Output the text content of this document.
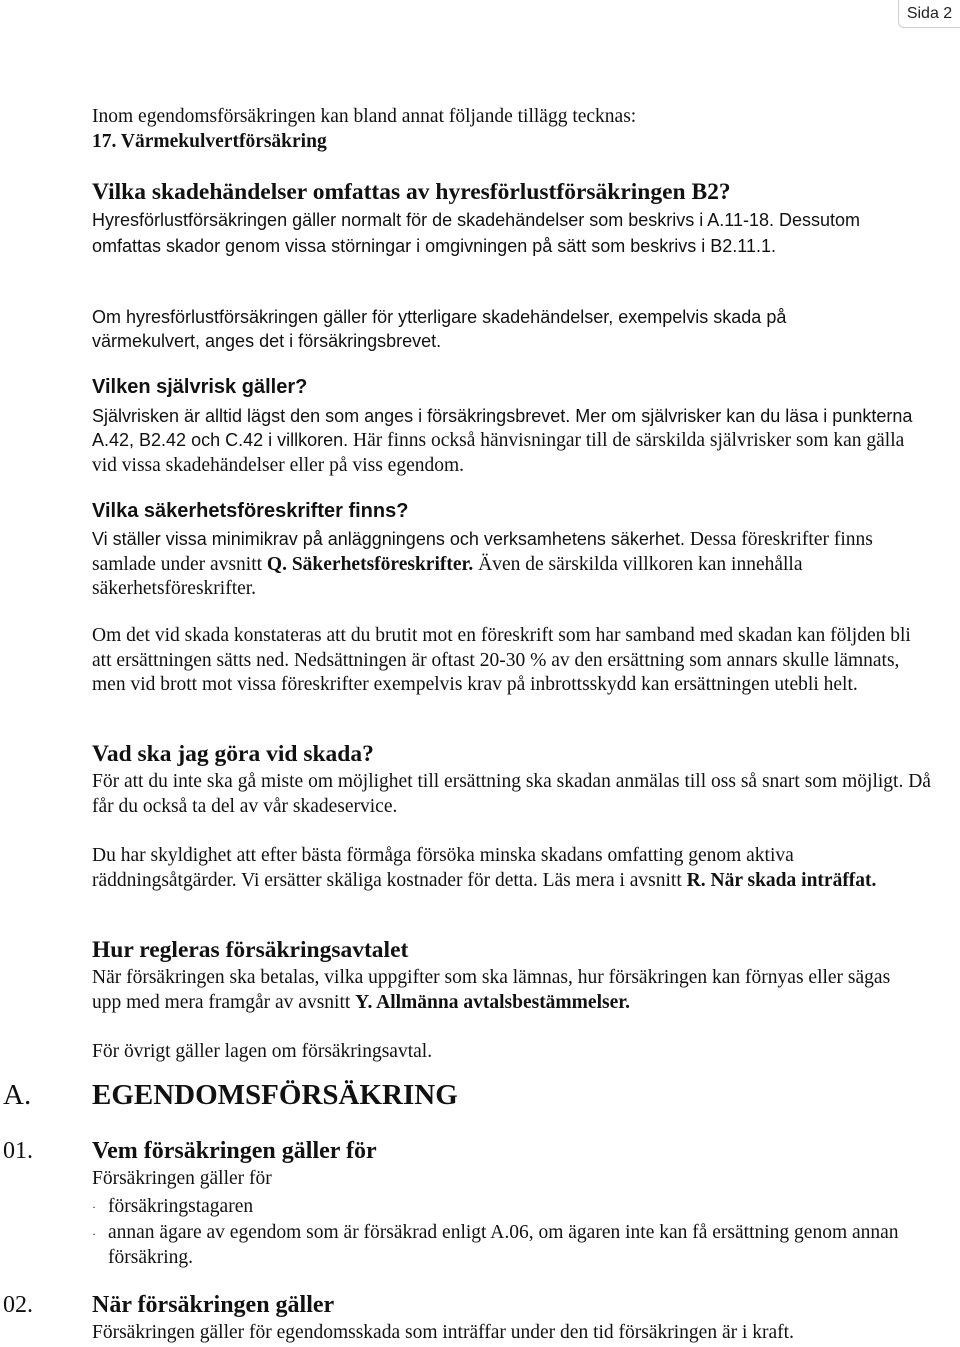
Sida 2

Inom egendomsförsäkringen kan bland annat följande tillägg tecknas:

17. Värmekulvertförsäkring

Vilka skadehändelser omfattas av hyresförlustförsäkringen B2?

Hyresförlustförsäkringen gäller normalt för de skadehändelser som beskrivs i A.11-18. Dessutom omfattas skador genom vissa störningar i omgivningen på sätt som beskrivs i B2.11.1.

Om hyresförlustförsäkringen gäller för ytterligare skadehändelser, exempelvis skada på värmekulvert, anges det i försäkringsbrevet.

Vilken självrisk gäller?

Självrisken är alltid lägst den som anges i försäkringsbrevet. Mer om självrisker kan du läsa i punkterna A.42, B2.42 och C.42 i villkoren. Här finns också hänvisningar till de särskilda självrisker som kan gälla vid vissa skadehändelser eller på viss egendom.

Vilka säkerhetsföreskrifter finns?

Vi ställer vissa minimikrav på anläggningens och verksamhetens säkerhet. Dessa föreskrifter finns samlade under avsnitt Q. Säkerhetsföreskrifter. Även de särskilda villkoren kan innehålla säkerhetsföreskrifter.

Om det vid skada konstateras att du brutit mot en föreskrift som har samband med skadan kan följden bli att ersättningen sätts ned. Nedsättningen är oftast 20-30 % av den ersättning som annars skulle lämnats, men vid brott mot vissa föreskrifter exempelvis krav på inbrottsskydd kan ersättningen utebli helt.

Vad ska jag göra vid skada?

För att du inte ska gå miste om möjlighet till ersättning ska skadan anmälas till oss så snart som möjligt. Då får du också ta del av vår skadeservice.

Du har skyldighet att efter bästa förmåga försöka minska skadans omfatting genom aktiva räddningsåtgärder. Vi ersätter skäliga kostnader för detta. Läs mera i avsnitt R. När skada inträffat.

Hur regleras försäkringsavtalet

När försäkringen ska betalas, vilka uppgifter som ska lämnas, hur försäkringen kan förnyas eller sägas upp med mera framgår av avsnitt Y. Allmänna avtalsbestämmelser.

För övrigt gäller lagen om försäkringsavtal.

A. EGENDOMSFÖRSÄKRING

01. Vem försäkringen gäller för

Försäkringen gäller för

· försäkringstagaren

· annan ägare av egendom som är försäkrad enligt A.06, om ägaren inte kan få ersättning genom annan försäkring.

02. När försäkringen gäller

Försäkringen gäller för egendomsskada som inträffar under den tid försäkringen är i kraft.
